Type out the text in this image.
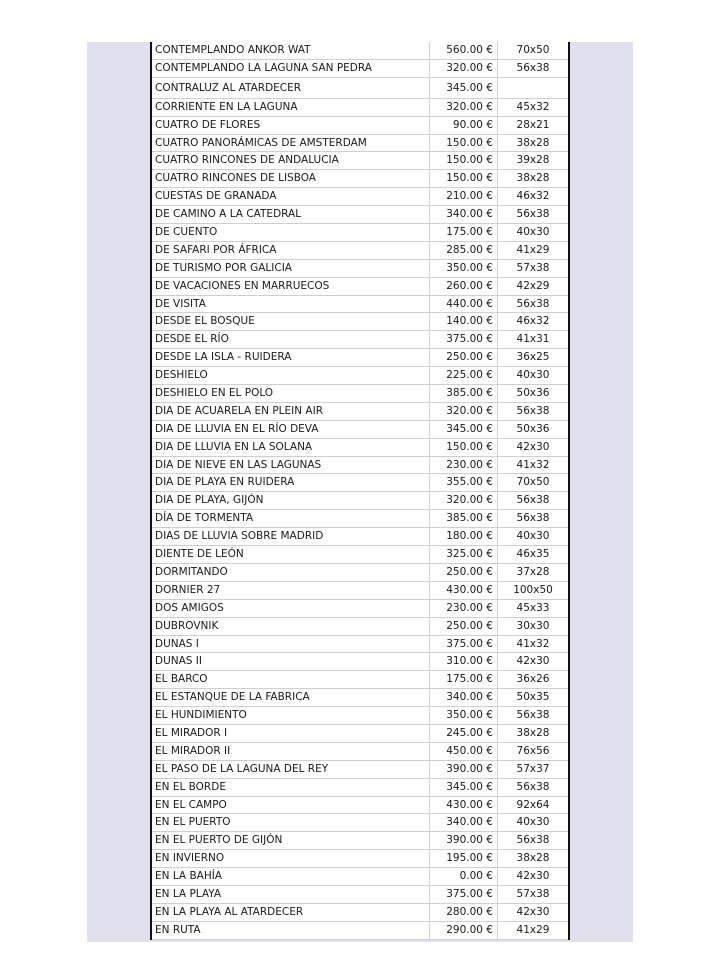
CONTEMPLANDO ANKOR WAT	560.00 €	70x50
CONTEMPLANDO LA LAGUNA SAN PEDRA	320.00 €	56x38
CONTRALUZ AL ATARDECER	345.00 €
CORRIENTE EN LA LAGUNA	320.00 €	45x32
CUATRO DE FLORES	90.00 €	28x21
CUATRO PANORÁMICAS DE AMSTERDAM	150.00 €	38x28
CUATRO RINCONES DE ANDALUCIA	150.00 €	39x28
CUATRO RINCONES DE LISBOA	150.00 €	38x28
CUESTAS DE GRANADA	210.00 €	46x32
DE CAMINO A LA CATEDRAL	340.00 €	56x38
DE CUENTO	175.00 €	40x30
DE SAFARI POR ÁFRICA	285.00 €	41x29
DE TURISMO POR GALICIA	350.00 €	57x38
DE VACACIONES EN MARRUECOS	260.00 €	42x29
DE VISITA	440.00 €	56x38
DESDE EL BOSQUE	140.00 €	46x32
DESDE EL RÍO	375.00 €	41x31
DESDE LA ISLA - RUIDERA	250.00 €	36x25
DESHIELO	225.00 €	40x30
DESHIELO EN EL POLO	385.00 €	50x36
DIA DE ACUARELA EN PLEIN AIR	320.00 €	56x38
DIA DE LLUVIA EN EL RÍO DEVA	345.00 €	50x36
DIA DE LLUVIA EN LA SOLANA	150.00 €	42x30
DIA DE NIEVE EN LAS LAGUNAS	230.00 €	41x32
DIA DE PLAYA EN RUIDERA	355.00 €	70x50
DIA DE PLAYA, GIJÓN	320.00 €	56x38
DÍA DE TORMENTA	385.00 €	56x38
DIAS DE LLUVIA SOBRE MADRID	180.00 €	40x30
DIENTE DE LEÓN	325.00 €	46x35
DORMITANDO	250.00 €	37x28
DORNIER 27	430.00 €	100x50
DOS AMIGOS	230.00 €	45x33
DUBROVNIK	250.00 €	30x30
DUNAS I	375.00 €	41x32
DUNAS II	310.00 €	42x30
EL BARCO	175.00 €	36x26
EL ESTANQUE DE LA FABRICA	340.00 €	50x35
EL HUNDIMIENTO	350.00 €	56x38
EL MIRADOR I	245.00 €	38x28
EL MIRADOR II	450.00 €	76x56
EL PASO DE LA LAGUNA DEL REY	390.00 €	57x37
EN EL BORDE	345.00 €	56x38
EN EL CAMPO	430.00 €	92x64
EN EL PUERTO	340.00 €	40x30
EN EL PUERTO DE GIJÓN	390.00 €	56x38
EN INVIERNO	195.00 €	38x28
EN LA BAHÍA	0.00 €	42x30
EN LA PLAYA	375.00 €	57x38
EN LA PLAYA AL ATARDECER	280.00 €	42x30
EN RUTA	290.00 €	41x29
